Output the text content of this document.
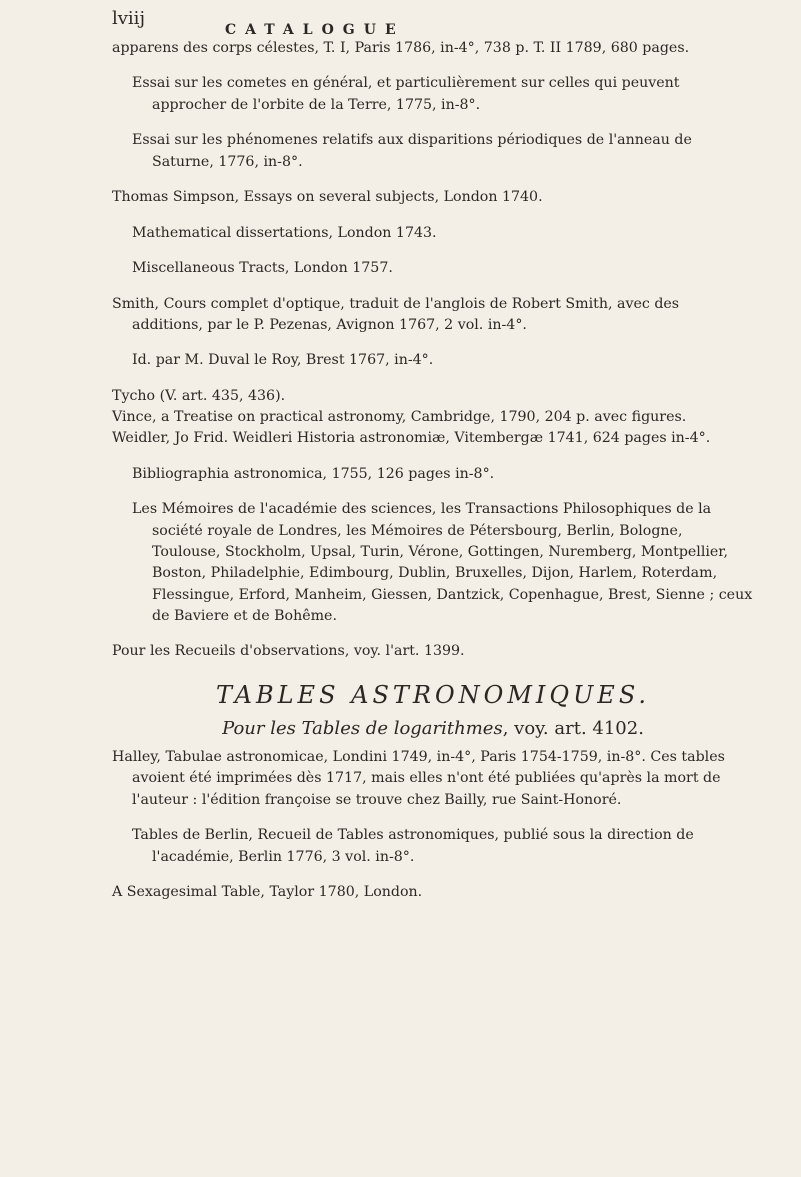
lviij
CATALOGUE

apparens des corps célestes, T. I, Paris 1786, in-4°, 738 p. T. II 1789, 680 pages.

Essai sur les cometes en général, et particulièrement sur celles qui peuvent approcher de l'orbite de la Terre, 1775, in-8°.

Essai sur les phénomenes relatifs aux disparitions périodiques de l'anneau de Saturne, 1776, in-8°.

Thomas Simpson, Essays on several subjects, London 1740.

Mathematical dissertations, London 1743.

Miscellaneous Tracts, London 1757.

Smith, Cours complet d'optique, traduit de l'anglois de Robert Smith, avec des additions, par le P. Pezenas, Avignon 1767, 2 vol. in-4°.

Id. par M. Duval le Roy, Brest 1767, in-4°.

Tycho (V. art. 435, 436).

Vince, a Treatise on practical astronomy, Cambridge, 1790, 204 p. avec figures.

Weidler, Jo Frid. Weidleri Historia astronomiæ, Vitembergæ 1741, 624 pages in-4°.

Bibliographia astronomica, 1755, 126 pages in-8°.

Les Mémoires de l'académie des sciences, les Transactions Philosophiques de la société royale de Londres, les Mémoires de Pétersbourg, Berlin, Bologne, Toulouse, Stockholm, Upsal, Turin, Vérone, Gottingen, Nuremberg, Montpellier, Boston, Philadelphie, Edimbourg, Dublin, Bruxelles, Dijon, Harlem, Roterdam, Flessingue, Erford, Manheim, Giessen, Dantzick, Copenhague, Brest, Sienne ; ceux de Baviere et de Bohême.

Pour les Recueils d'observations, voy. l'art. 1399.

TABLES ASTRONOMIQUES.
Pour les Tables de logarithmes, voy. art. 4102.

Halley, Tabulae astronomicae, Londini 1749, in-4°, Paris 1754-1759, in-8°. Ces tables avoient été imprimées dès 1717, mais elles n'ont été publiées qu'après la mort de l'auteur : l'édition françoise se trouve chez Bailly, rue Saint-Honoré.

Tables de Berlin, Recueil de Tables astronomiques, publié sous la direction de l'académie, Berlin 1776, 3 vol. in-8°.

A Sexagesimal Table, Taylor 1780, London.
